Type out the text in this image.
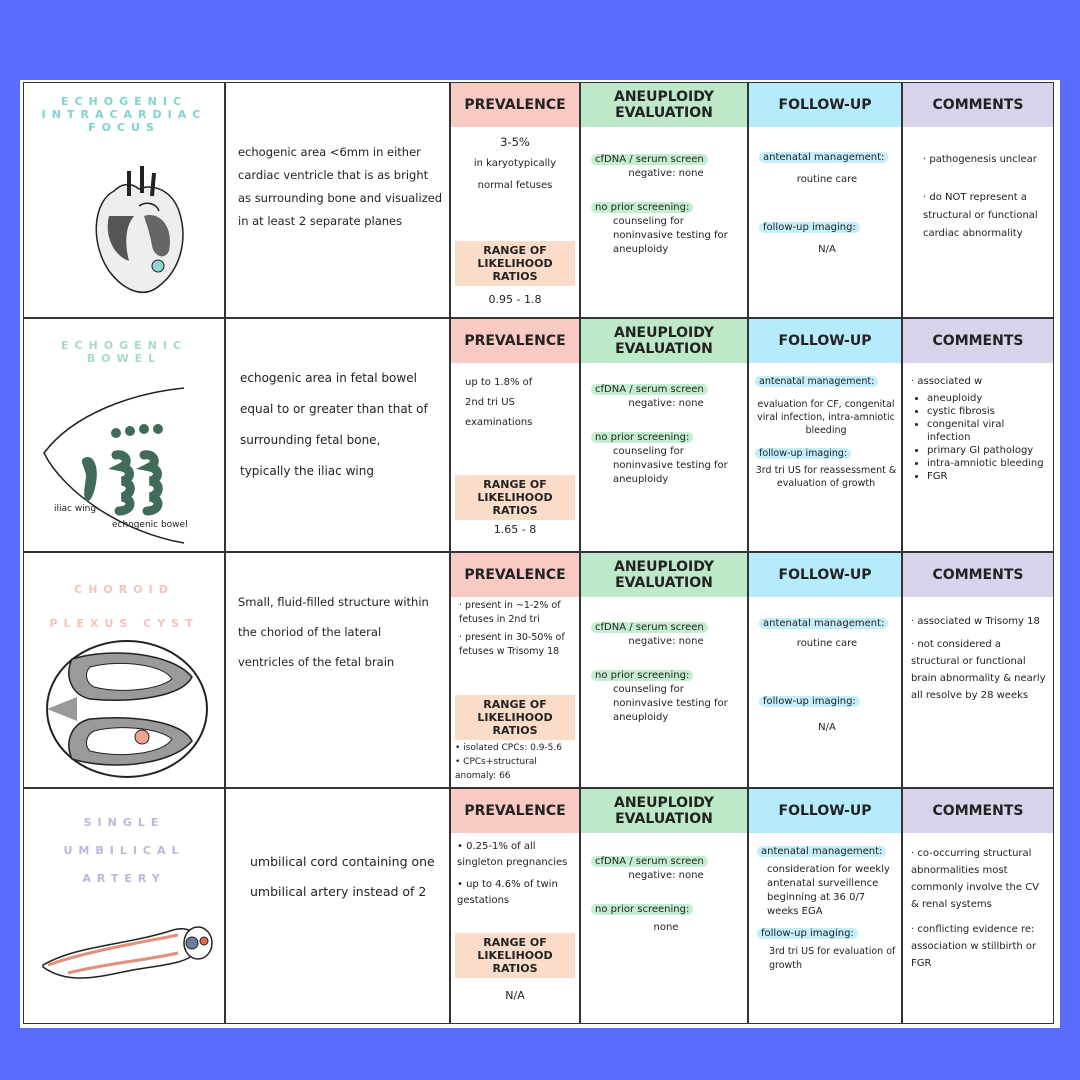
ECHOGENIC
INTRACARDIAC
FOCUS
echogenic area <6mm in either cardiac ventricle that is as bright as surrounding bone and visualized in at least 2 separate planes
PREVALENCE
3-5%
in karyotypically
normal fetuses
RANGE OF LIKELIHOOD RATIOS
0.95 - 1.8
ANEUPLOIDY EVALUATION
cfDNA / serum screen
negative: none
no prior screening:
counseling for noninvasive testing for aneuploidy
FOLLOW-UP
antenatal management:
routine care
follow-up imaging:
N/A
COMMENTS
· pathogenesis unclear
· do NOT represent a structural or functional cardiac abnormality
ECHOGENIC
BOWEL
iliac wing
echogenic bowel
echogenic area in fetal bowel equal to or greater than that of surrounding fetal bone, typically the iliac wing
PREVALENCE
up to 1.8% of
2nd tri US
examinations
RANGE OF LIKELIHOOD RATIOS
1.65 - 8
ANEUPLOIDY EVALUATION
cfDNA / serum screen
negative: none
no prior screening:
counseling for noninvasive testing for aneuploidy
FOLLOW-UP
antenatal management:
evaluation for CF, congenital viral infection, intra-amniotic bleeding
follow-up imaging:
3rd tri US for reassessment & evaluation of growth
COMMENTS
· associated w
• aneuploidy
• cystic fibrosis
• congenital viral infection
• primary GI pathology
• intra-amniotic bleeding
• FGR
CHOROID
PLEXUS CYST
Small, fluid-filled structure within the choriod of the lateral ventricles of the fetal brain
PREVALENCE
· present in ~1-2% of fetuses in 2nd tri
· present in 30-50% of fetuses w Trisomy 18
RANGE OF LIKELIHOOD RATIOS
• isolated CPCs: 0.9-5.6
• CPCs+structural anomaly: 66
ANEUPLOIDY EVALUATION
cfDNA / serum screen
negative: none
no prior screening:
counseling for noninvasive testing for aneuploidy
FOLLOW-UP
antenatal management:
routine care
follow-up imaging:
N/A
COMMENTS
· associated w Trisomy 18
· not considered a structural or functional brain abnormality & nearly all resolve by 28 weeks
SINGLE
UMBILICAL
ARTERY
umbilical cord containing one umbilical artery instead of 2
PREVALENCE
• 0.25-1% of all singleton pregnancies
• up to 4.6% of twin gestations
RANGE OF LIKELIHOOD RATIOS
N/A
ANEUPLOIDY EVALUATION
cfDNA / serum screen
negative: none
no prior screening:
none
FOLLOW-UP
antenatal management:
consideration for weekly antenatal surveillence beginning at 36 0/7 weeks EGA
follow-up imaging:
3rd tri US for evaluation of growth
COMMENTS
· co-occurring structural abnormalities most commonly involve the CV & renal systems
· conflicting evidence re: association w stillbirth or FGR
